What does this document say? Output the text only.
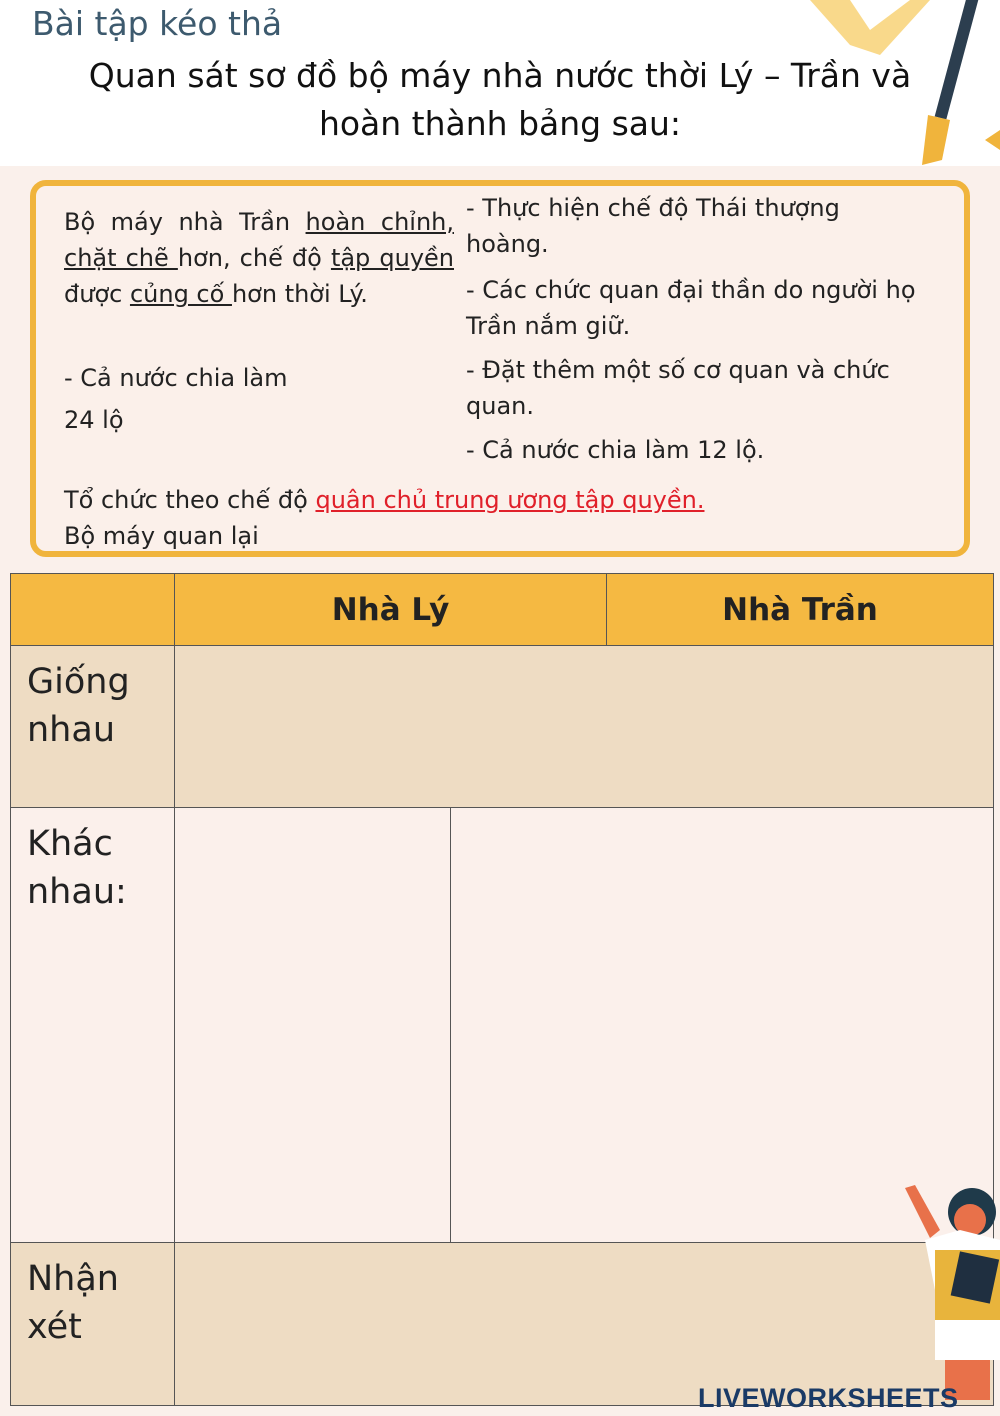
Bài tập kéo thả
Quan sát sơ đồ bộ máy nhà nước thời Lý – Trần và
hoàn thành bảng sau:
Bộ máy nhà Trần hoàn chỉnh, chặt chẽ hơn, chế độ tập quyền được củng cố hơn thời Lý.
- Cả nước chia làm
24 lộ
- Thực hiện chế độ Thái thượng hoàng.
- Các chức quan đại thần do người họ Trần nắm giữ.
- Đặt thêm một số cơ quan và chức quan.
- Cả nước chia làm 12 lộ.
Tổ chức theo chế độ quân chủ trung ương tập quyền.
Bộ máy quan lại
Nhà Lý	Nhà Trần
Giống nhau
Khác nhau:
Nhận xét
LIVEWORKSHEETS
